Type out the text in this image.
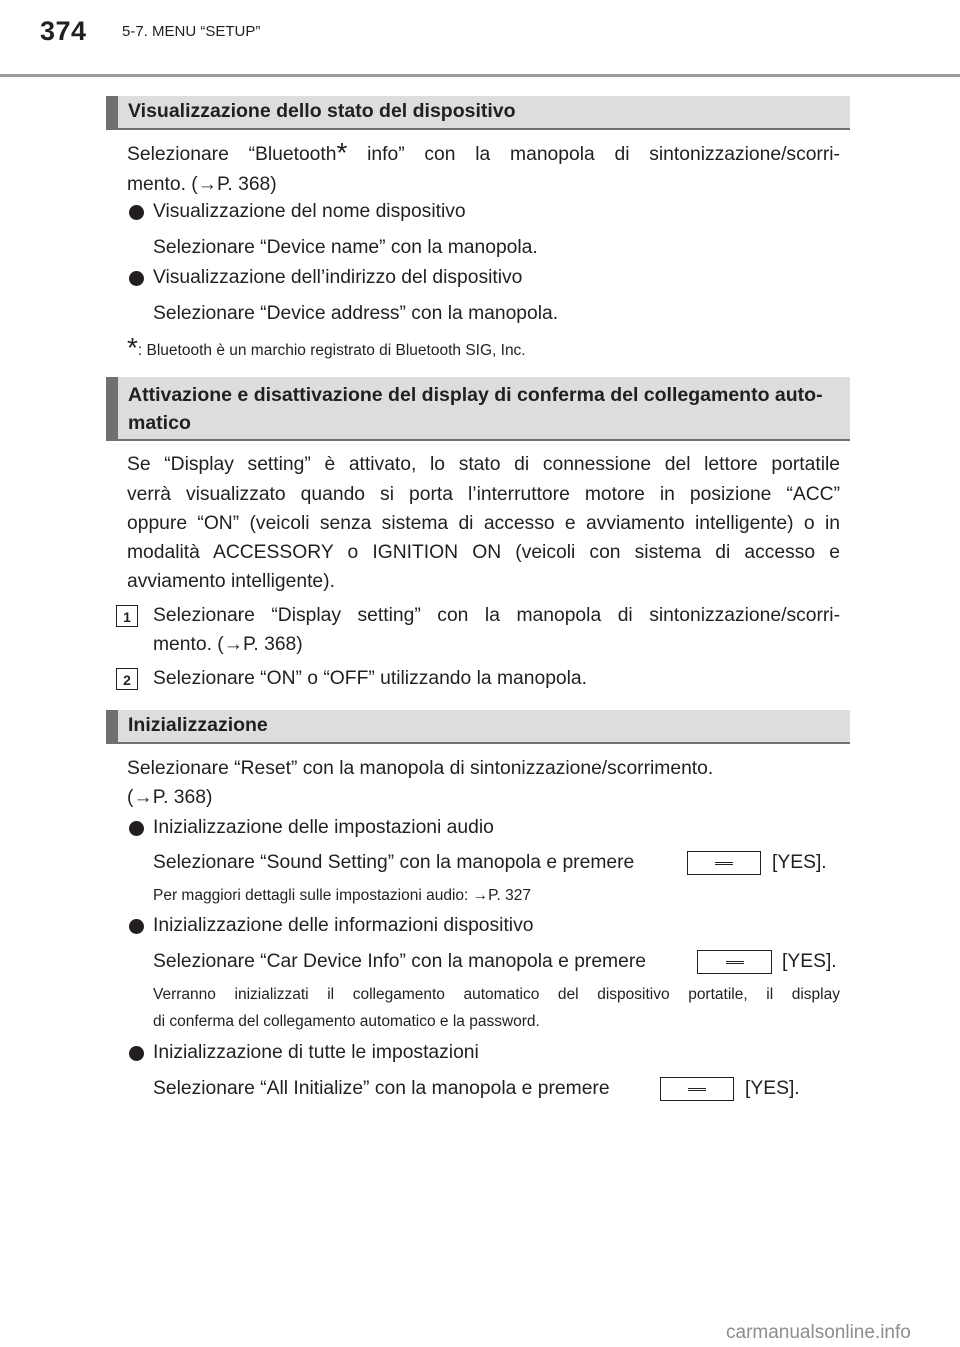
374 5-7. MENU “SETUP”
Visualizzazione dello stato del dispositivo
Selezionare “Bluetooth* info” con la manopola di sintonizzazione/scorri-
mento. (→P. 368)
Visualizzazione del nome dispositivo
Selezionare “Device name” con la manopola.
Visualizzazione dell’indirizzo del dispositivo
Selezionare “Device address” con la manopola.
*: Bluetooth è un marchio registrato di Bluetooth SIG, Inc.
Attivazione e disattivazione del display di conferma del collegamento auto-
matico
Se “Display setting” è attivato, lo stato di connessione del lettore portatile
verrà visualizzato quando si porta l’interruttore motore in posizione “ACC”
oppure “ON” (veicoli senza sistema di accesso e avviamento intelligente) o in
modalità ACCESSORY o IGNITION ON (veicoli con sistema di accesso e
avviamento intelligente).
1	Selezionare “Display setting” con la manopola di sintonizzazione/scorri-
mento. (→P. 368)
2	Selezionare “ON” o “OFF” utilizzando la manopola.
Inizializzazione
Selezionare “Reset” con la manopola di sintonizzazione/scorrimento.
(→P. 368)
Inizializzazione delle impostazioni audio
Selezionare “Sound Setting” con la manopola e premere	[YES].
Per maggiori dettagli sulle impostazioni audio: →P. 327
Inizializzazione delle informazioni dispositivo
Selezionare “Car Device Info” con la manopola e premere	[YES].
Verranno inizializzati il collegamento automatico del dispositivo portatile, il display
di conferma del collegamento automatico e la password.
Inizializzazione di tutte le impostazioni
Selezionare “All Initialize” con la manopola e premere	[YES].
carmanualsonline.info
